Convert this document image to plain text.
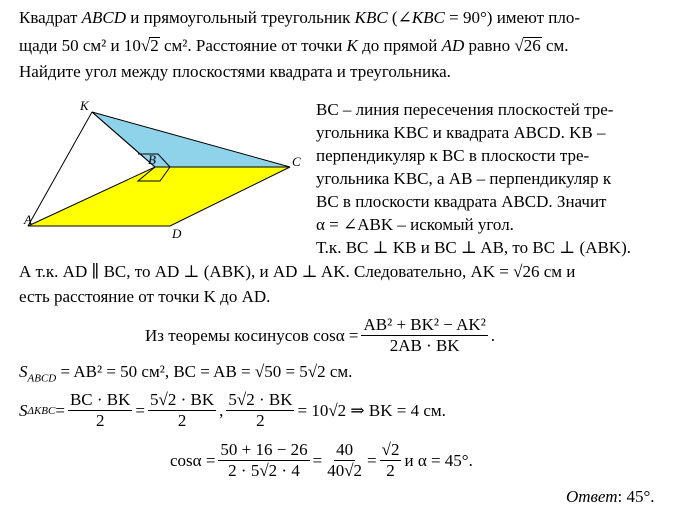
Квадрат ABCD и прямоугольный треугольник KBC (∠KBC = 90°) имеют пло-
щади 50 см² и 10√2 см². Расстояние от точки K до прямой AD равно √26 см.
Найдите угол между плоскостями квадрата и треугольника.
K
B	C
A
D
BC – линия пересечения плоскостей тре-
угольника KBC и квадрата ABCD. KB –
перпендикуляр к BC в плоскости тре-
угольника KBC, а AB – перпендикуляр к
BC в плоскости квадрата ABCD. Значит
α = ∠ABK – искомый угол.
Т.к. BC ⊥ KB и BC ⊥ AB, то BC ⊥ (ABK).
А т.к. AD ∥ BC, то AD ⊥ (ABK), и AD ⊥ AK. Следовательно, AK = √26 см и
есть расстояние от точки K до AD.
Из теоремы косинусов $\cos\alpha = \frac{\text{AB² + BK² − AK²}}{2AB \cdot BK}$ .
$S_{ABCD} = AB^2 = 50$ см², BC = AB = √50 = 5√2 см.
S $\Delta KBC = \frac{BC \cdot BK}{2} = \frac{5√2 \cdot BK}{2}$ , $\frac{5√2 \cdot BK}{2} = 10√2$ ⇒ BK = 4 см.
$\cos\alpha = \frac{50 + 16 - 26}{2 \cdot 5√2 \cdot 4} = \frac{40}{40√2} = \frac{√2}{2}$ и α = 45°.
Ответ: 45°.
